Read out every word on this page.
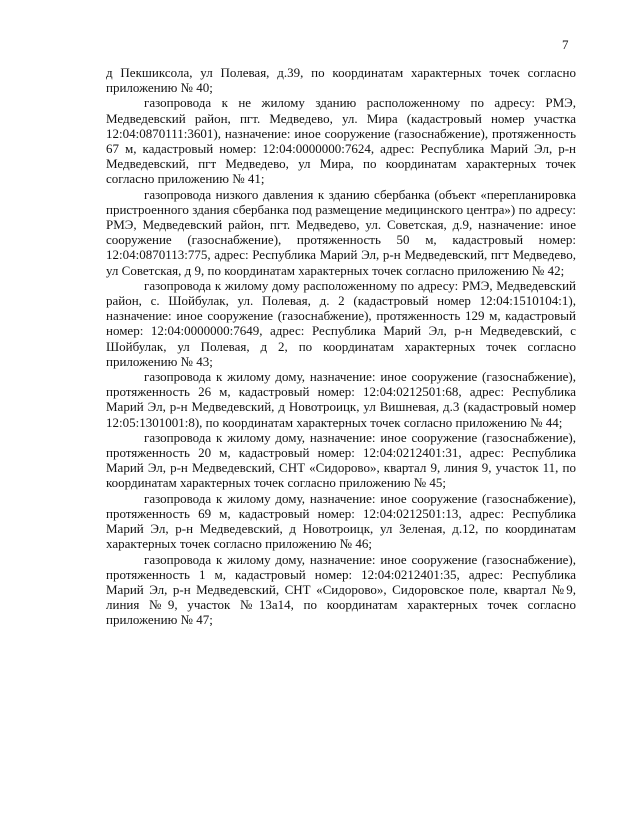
7

д Пекшиксола, ул Полевая, д.39, по координатам характерных точек согласно приложению № 40;

газопровода к не жилому зданию расположенному по адресу: РМЭ, Медведевский район, пгт. Медведево, ул. Мира (кадастровый номер участка 12:04:0870111:3601), назначение: иное сооружение (газоснабжение), протяженность 67 м, кадастровый номер: 12:04:0000000:7624, адрес: Республика Марий Эл, р-н Медведевский, пгт Медведево, ул Мира, по координатам характерных точек согласно приложению № 41;

газопровода низкого давления к зданию сбербанка (объект «перепланировка пристроенного здания сбербанка под размещение медицинского центра») по адресу: РМЭ, Медведевский район, пгт. Медведево, ул. Советская, д.9, назначение: иное сооружение (газоснабжение), протяженность 50 м, кадастровый номер: 12:04:0870113:775, адрес: Республика Марий Эл, р-н Медведевский, пгт Медведево, ул Советская, д 9, по координатам характерных точек согласно приложению № 42;

газопровода к жилому дому расположенному по адресу: РМЭ, Медведевский район, с. Шойбулак, ул. Полевая, д. 2 (кадастровый номер 12:04:1510104:1), назначение: иное сооружение (газоснабжение), протяженность 129 м, кадастровый номер: 12:04:0000000:7649, адрес: Республика Марий Эл, р-н Медведевский, с Шойбулак, ул Полевая, д 2, по координатам характерных точек согласно приложению № 43;

газопровода к жилому дому, назначение: иное сооружение (газоснабжение), протяженность 26 м, кадастровый номер: 12:04:0212501:68, адрес: Республика Марий Эл, р-н Медведевский, д Новотроицк, ул Вишневая, д.3 (кадастровый номер 12:05:1301001:8), по координатам характерных точек согласно приложению № 44;

газопровода к жилому дому, назначение: иное сооружение (газоснабжение), протяженность 20 м, кадастровый номер: 12:04:0212401:31, адрес: Республика Марий Эл, р-н Медведевский, СНТ «Сидорово», квартал 9, линия 9, участок 11, по координатам характерных точек согласно приложению № 45;

газопровода к жилому дому, назначение: иное сооружение (газоснабжение), протяженность 69 м, кадастровый номер: 12:04:0212501:13, адрес: Республика Марий Эл, р-н Медведевский, д Новотроицк, ул Зеленая, д.12, по координатам характерных точек согласно приложению № 46;

газопровода к жилому дому, назначение: иное сооружение (газоснабжение), протяженность 1 м, кадастровый номер: 12:04:0212401:35, адрес: Республика Марий Эл, р-н Медведевский, СНТ «Сидорово», Сидоровское поле, квартал №9, линия №9, участок №13а14, по координатам характерных точек согласно приложению № 47;
